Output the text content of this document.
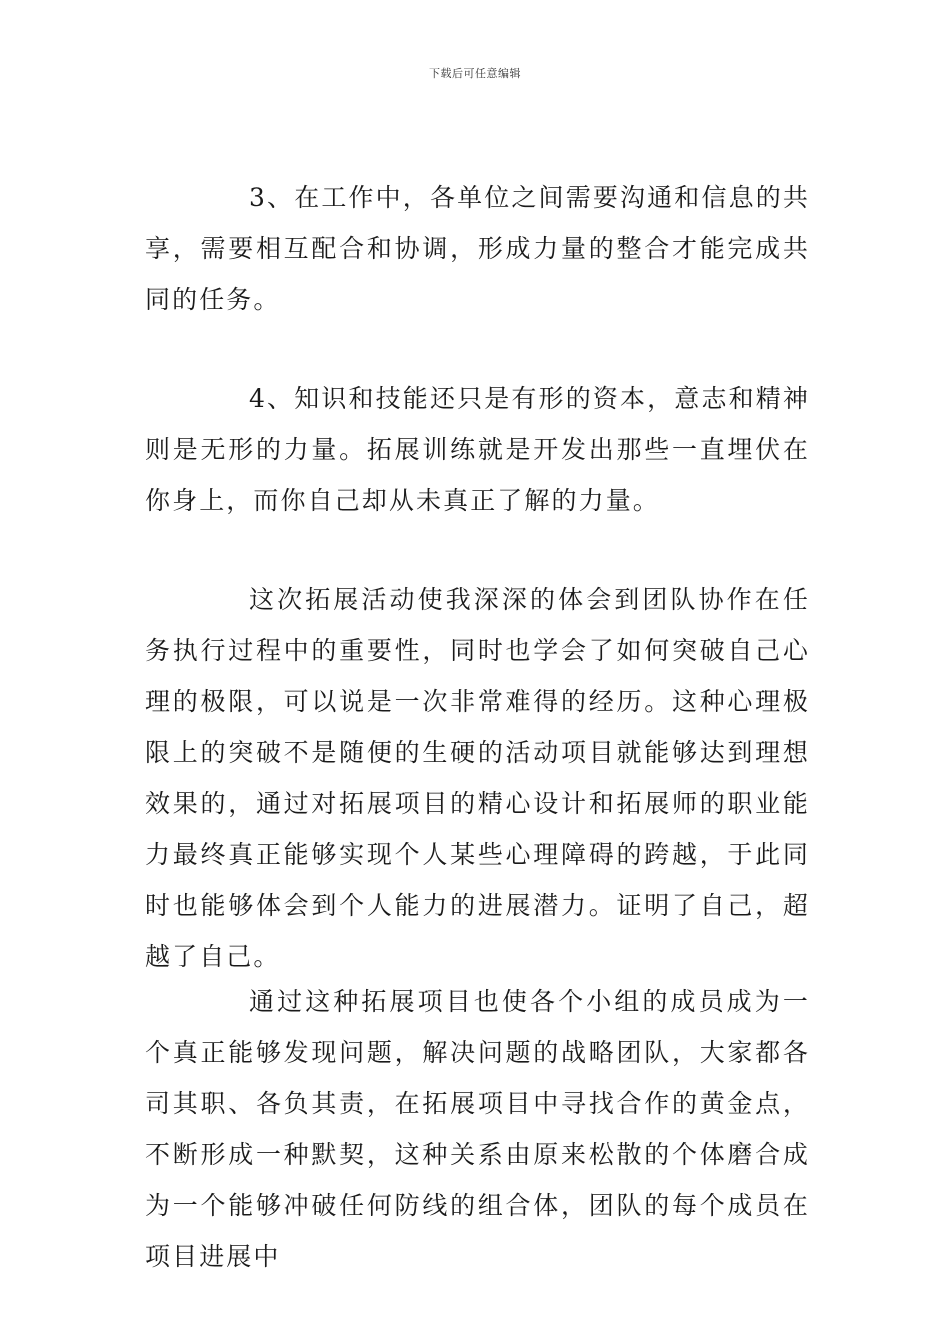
下载后可任意编辑

3、在工作中，各单位之间需要沟通和信息的共享，需要相互配合和协调，形成力量的整合才能完成共同的任务。

4、知识和技能还只是有形的资本，意志和精神则是无形的力量。拓展训练就是开发出那些一直埋伏在你身上，而你自己却从未真正了解的力量。

这次拓展活动使我深深的体会到团队协作在任务执行过程中的重要性，同时也学会了如何突破自己心理的极限，可以说是一次非常难得的经历。这种心理极限上的突破不是随便的生硬的活动项目就能够达到理想效果的，通过对拓展项目的精心设计和拓展师的职业能力最终真正能够实现个人某些心理障碍的跨越，于此同时也能够体会到个人能力的进展潜力。证明了自己，超越了自己。

通过这种拓展项目也使各个小组的成员成为一个真正能够发现问题，解决问题的战略团队，大家都各司其职、各负其责，在拓展项目中寻找合作的黄金点，不断形成一种默契，这种关系由原来松散的个体磨合成为一个能够冲破任何防线的组合体，团队的每个成员在项目进展中
